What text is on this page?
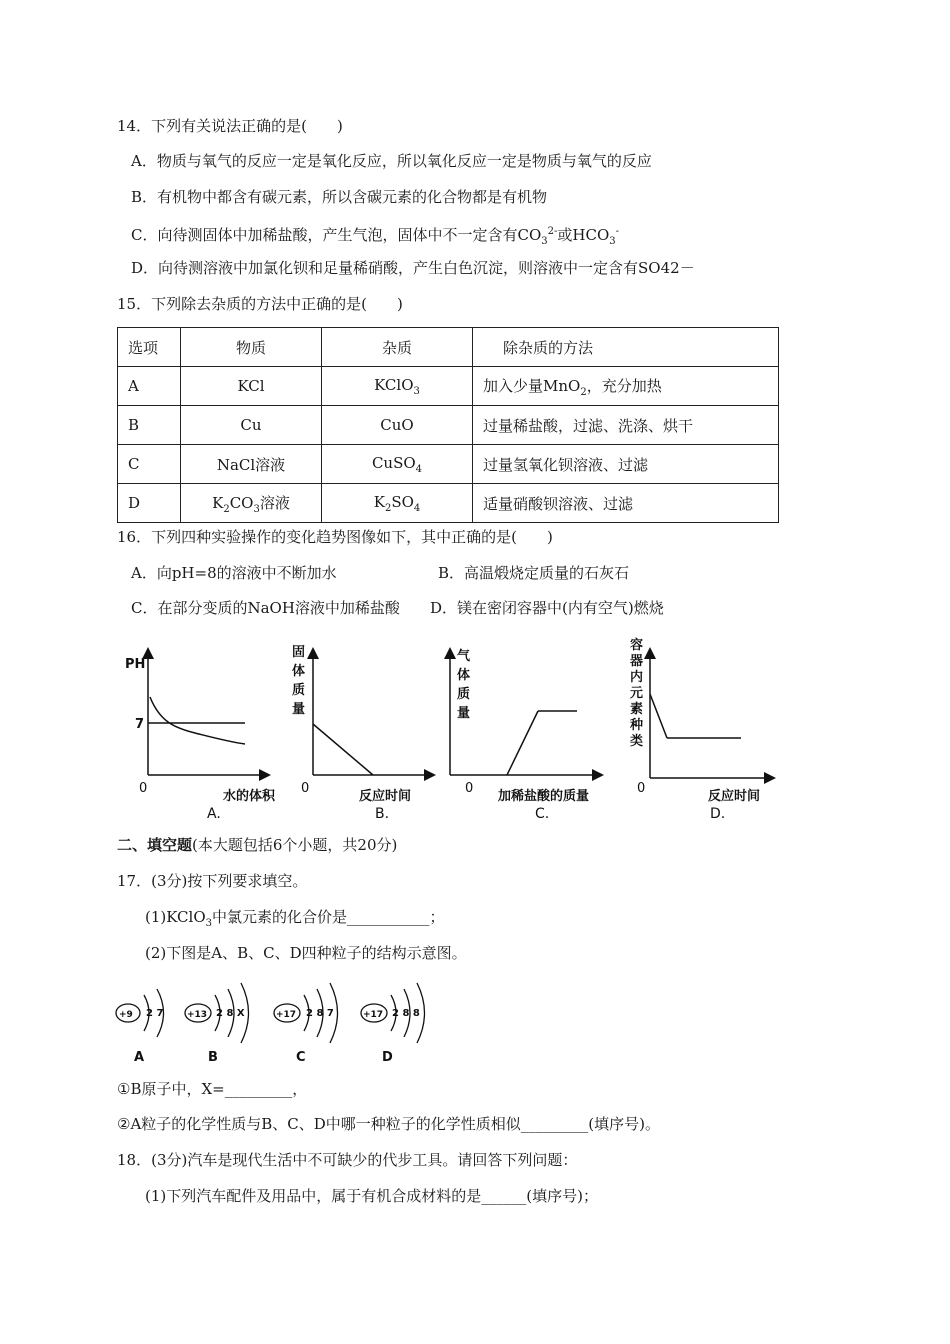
14．下列有关说法正确的是(　　)
A．物质与氧气的反应一定是氧化反应，所以氧化反应一定是物质与氧气的反应
B．有机物中都含有碳元素，所以含碳元素的化合物都是有机物
C．向待测固体中加稀盐酸，产生气泡，固体中不一定含有$CO_3^{2-}$或$HCO_3^-$
D．向待测溶液中加氯化钡和足量稀硝酸，产生白色沉淀，则溶液中一定含有SO42－
15．下列除去杂质的方法中正确的是(　　)
选项	物质	杂质	除杂质的方法
A	KCl	KClO$_3$	加入少量MnO$_2$，充分加热
B	Cu	CuO	过量稀盐酸，过滤、洗涤、烘干
C	NaCl溶液	CuSO$_4$	过量氢氧化钡溶液、过滤
D	$K_2CO_3$溶液	$K_2SO_4$	适量硝酸钡溶液、过滤
16．下列四种实验操作的变化趋势图像如下，其中正确的是(　　)
A．向pH=8的溶液中不断加水	B．高温煅烧定质量的石灰石
C．在部分变质的NaOH溶液中加稀盐酸 D．镁在密闭容器中(内有空气)燃烧
PH
7
0
水的体积
A.
固
体
质
量
0
反应时间
B.
气
体
质
量
0
加稀盐酸的质量
C.
容
器
内
元
素
种
类
0
反应时间
D.
二、填空题(本大题包括6个小题，共20分)
17．(3分)按下列要求填空。
(1)KClO$_3$中氯元素的化合价是___________；
(2)下图是A、B、C、D四种粒子的结构示意图。
+9 2 7
A
+13 2 8 X
B
+17 2 8 7
C
+17 2 8 8
D
①B原子中，X=_________，
②A粒子的化学性质与B、C、D中哪一种粒子的化学性质相似_________(填序号)。
18．(3分)汽车是现代生活中不可缺少的代步工具。请回答下列问题：
(1)下列汽车配件及用品中，属于有机合成材料的是______(填序号)；
